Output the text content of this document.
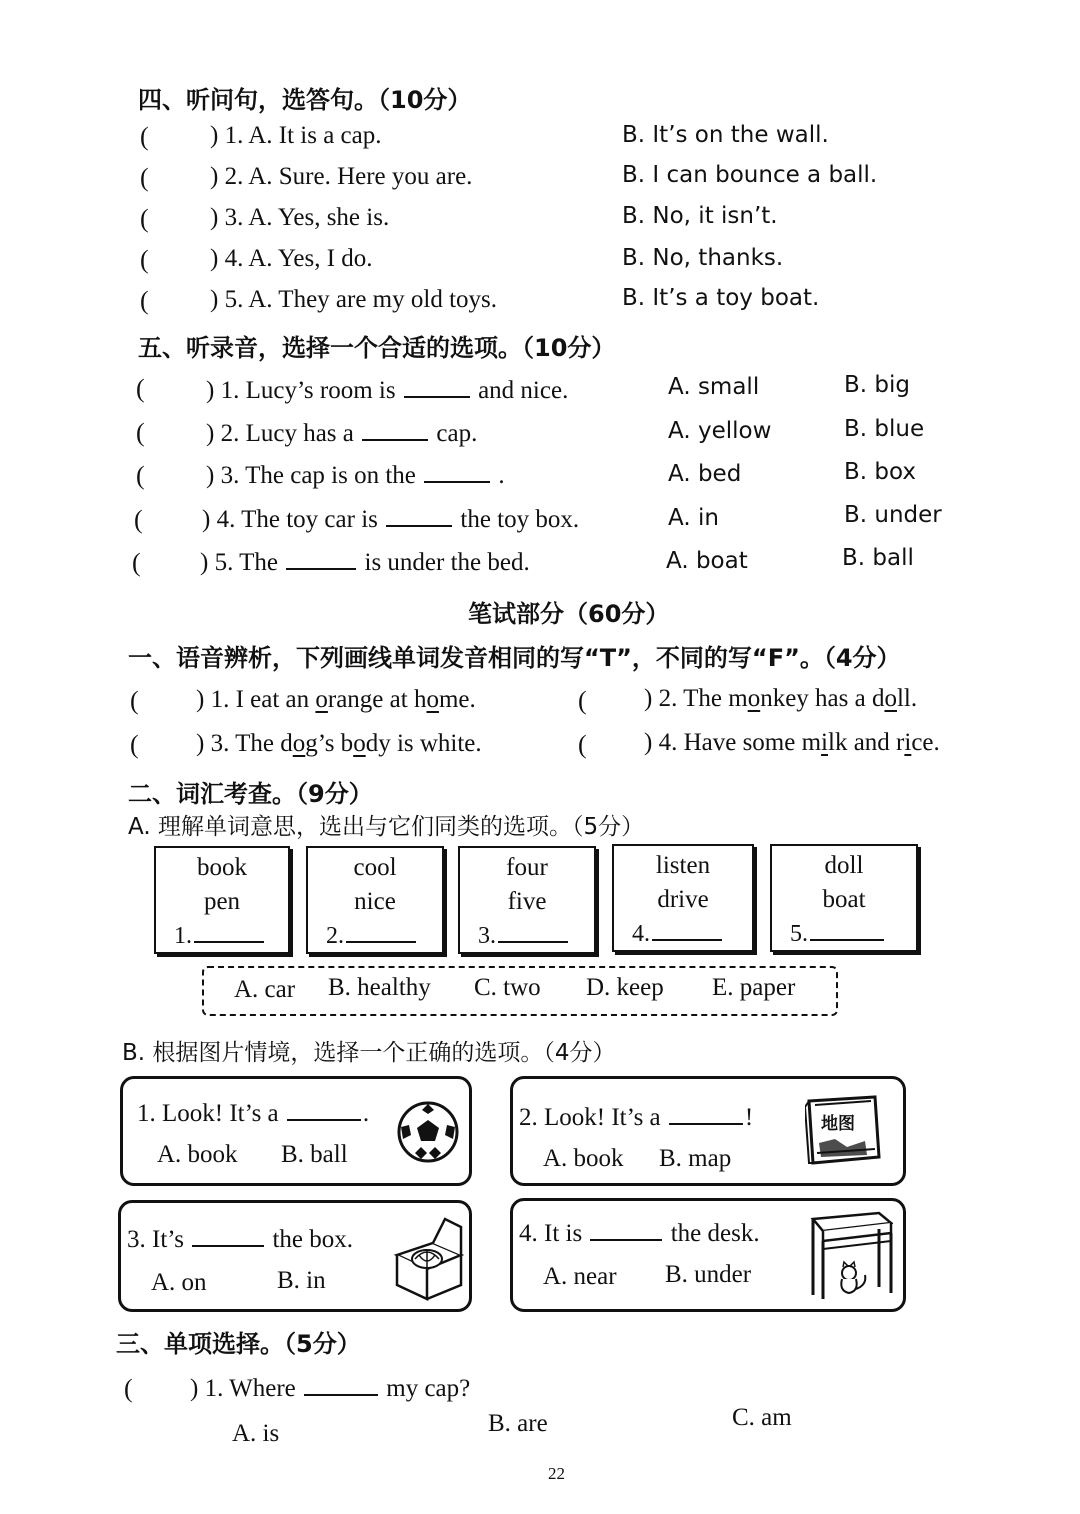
四、听问句，选答句。（10分）
( ) 1. A. It is a cap.	B. It’s on the wall.
( ) 2. A. Sure. Here you are.	B. I can bounce a ball.
( ) 3. A. Yes, she is.	B. No, it isn’t.
( ) 4. A. Yes, I do.	B. No, thanks.
( ) 5. A. They are my old toys.	B. It’s a toy boat.
五、听录音，选择一个合适的选项。（10分）
( ) 1. Lucy’s room is	and nice.	A. small	B. big
( ) 2. Lucy has a	cap.	A. yellow	B. blue
( ) 3. The cap is on the	.	A. bed	B. box
( ) 4. The toy car is	the toy box.	A. in	B. under
( ) 5. The	is under the bed.	A. boat	B. ball
笔试部分（60分）
一、语音辨析，下列画线单词发音相同的写“T”，不同的写“F”。（4分）
( ) 1. I eat an orange at home.	( ) 2. The monkey has a doll.
( ) 3. The dog’s body is white.	( ) 4. Have some milk and rice.
二、词汇考查。（9分）
A. 理解单词意思，选出与它们同类的选项。（5分）
book
pen
1.
cool
nice
2.
four
five
3.
listen
drive
4.
doll
boat
5.
A. car B. healthy C. two D. keep E. paper
B. 根据图片情境，选择一个正确的选项。（4分）
1. Look! It’s a	.
A. book B. ball
2. Look! It’s a	!
A. book B. map
地图
3. It’s	the box.
A. on	B. in
4. It is	the desk.
A. near B. under
三、单项选择。（5分）
( ) 1. Where	my cap?
A. is	B. are	C. am
22
